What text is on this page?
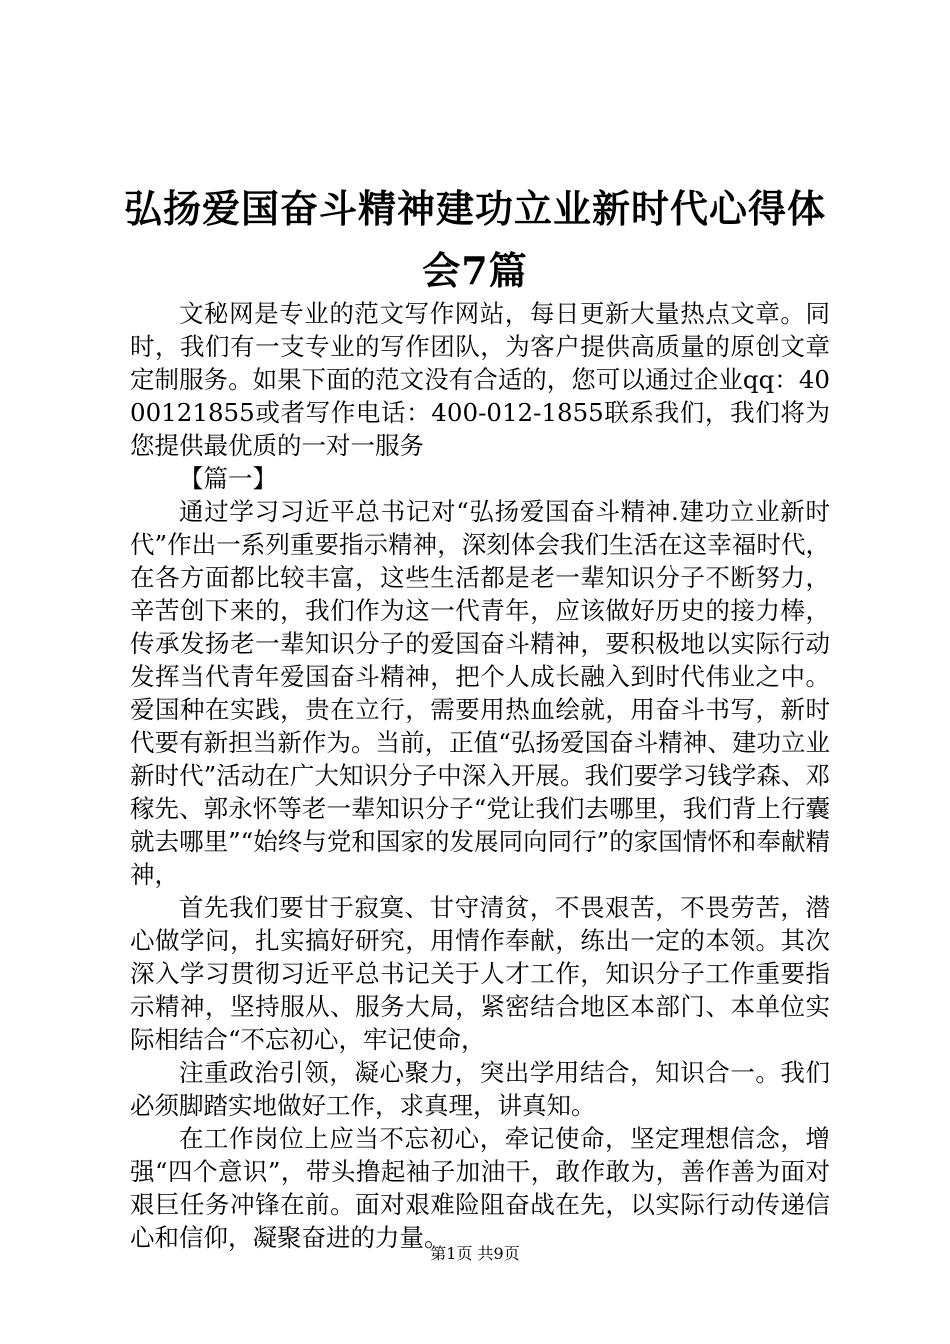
弘扬爱国奋斗精神建功立业新时代心得体会7篇

文秘网是专业的范文写作网站，每日更新大量热点文章。同时，我们有一支专业的写作团队，为客户提供高质量的原创文章定制服务。如果下面的范文没有合适的，您可以通过企业qq：4000121855或者写作电话：400-012-1855联系我们，我们将为您提供最优质的一对一服务

【篇一】

通过学习习近平总书记对“弘扬爱国奋斗精神.建功立业新时代”作出一系列重要指示精神，深刻体会我们生活在这幸福时代，在各方面都比较丰富，这些生活都是老一辈知识分子不断努力，辛苦创下来的，我们作为这一代青年，应该做好历史的接力棒，传承发扬老一辈知识分子的爱国奋斗精神，要积极地以实际行动发挥当代青年爱国奋斗精神，把个人成长融入到时代伟业之中。爱国种在实践，贵在立行，需要用热血绘就，用奋斗书写，新时代要有新担当新作为。当前，正值“弘扬爱国奋斗精神、建功立业新时代”活动在广大知识分子中深入开展。我们要学习钱学森、邓稼先、郭永怀等老一辈知识分子“党让我们去哪里，我们背上行囊就去哪里”“始终与党和国家的发展同向同行”的家国情怀和奉献精神，

首先我们要甘于寂寞、甘守清贫，不畏艰苦，不畏劳苦，潜心做学问，扎实搞好研究，用情作奉献，练出一定的本领。其次深入学习贯彻习近平总书记关于人才工作，知识分子工作重要指示精神，坚持服从、服务大局，紧密结合地区本部门、本单位实际相结合“不忘初心，牢记使命，

注重政治引领，凝心聚力，突出学用结合，知识合一。我们必须脚踏实地做好工作，求真理，讲真知。

在工作岗位上应当不忘初心，牵记使命，坚定理想信念，增强“四个意识”，带头撸起袖子加油干，敢作敢为，善作善为面对艰巨任务冲锋在前。面对艰难险阻奋战在先，以实际行动传递信心和信仰，凝聚奋进的力量。

第1页 共9页
